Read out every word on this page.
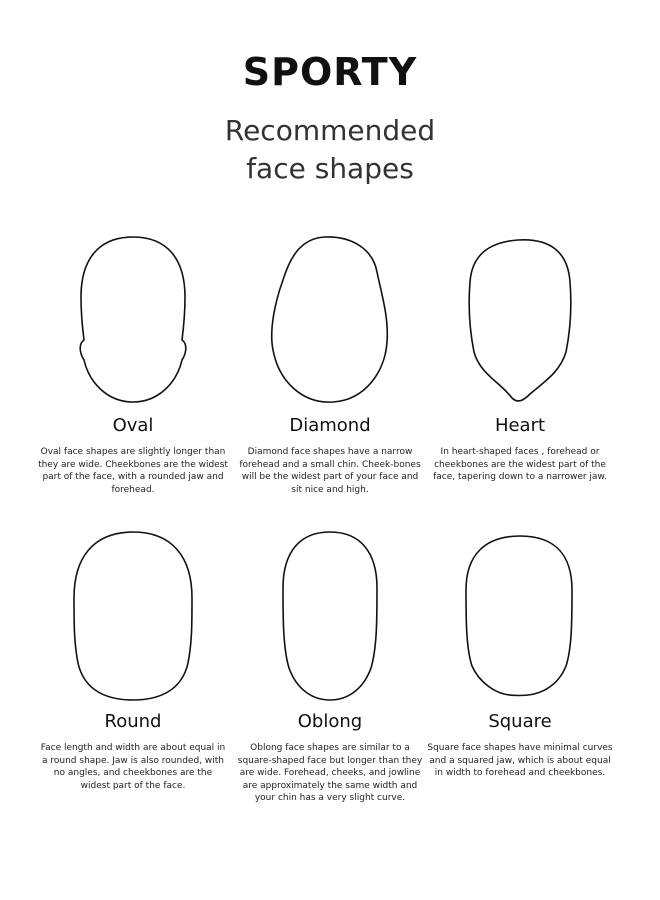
SPORTY
Recommended
face shapes
Oval
Oval face shapes are slightly longer than they are wide. Cheekbones are the widest part of the face, with a rounded jaw and forehead.
Diamond
Diamond face shapes have a narrow forehead and a small chin. Cheek-bones will be the widest part of your face and sit nice and high.
Heart
In heart-shaped faces , forehead or cheekbones are the widest part of the face, tapering down to a narrower jaw.
Round
Face length and width are about equal in a round shape. Jaw is also rounded, with no angles, and cheekbones are the widest part of the face.
Oblong
Oblong face shapes are similar to a square-shaped face but longer than they are wide. Forehead, cheeks, and jowline are approximately the same width and your chin has a very slight curve.
Square
Square face shapes have minimal curves and a squared jaw, which is about equal in width to forehead and cheekbones.
